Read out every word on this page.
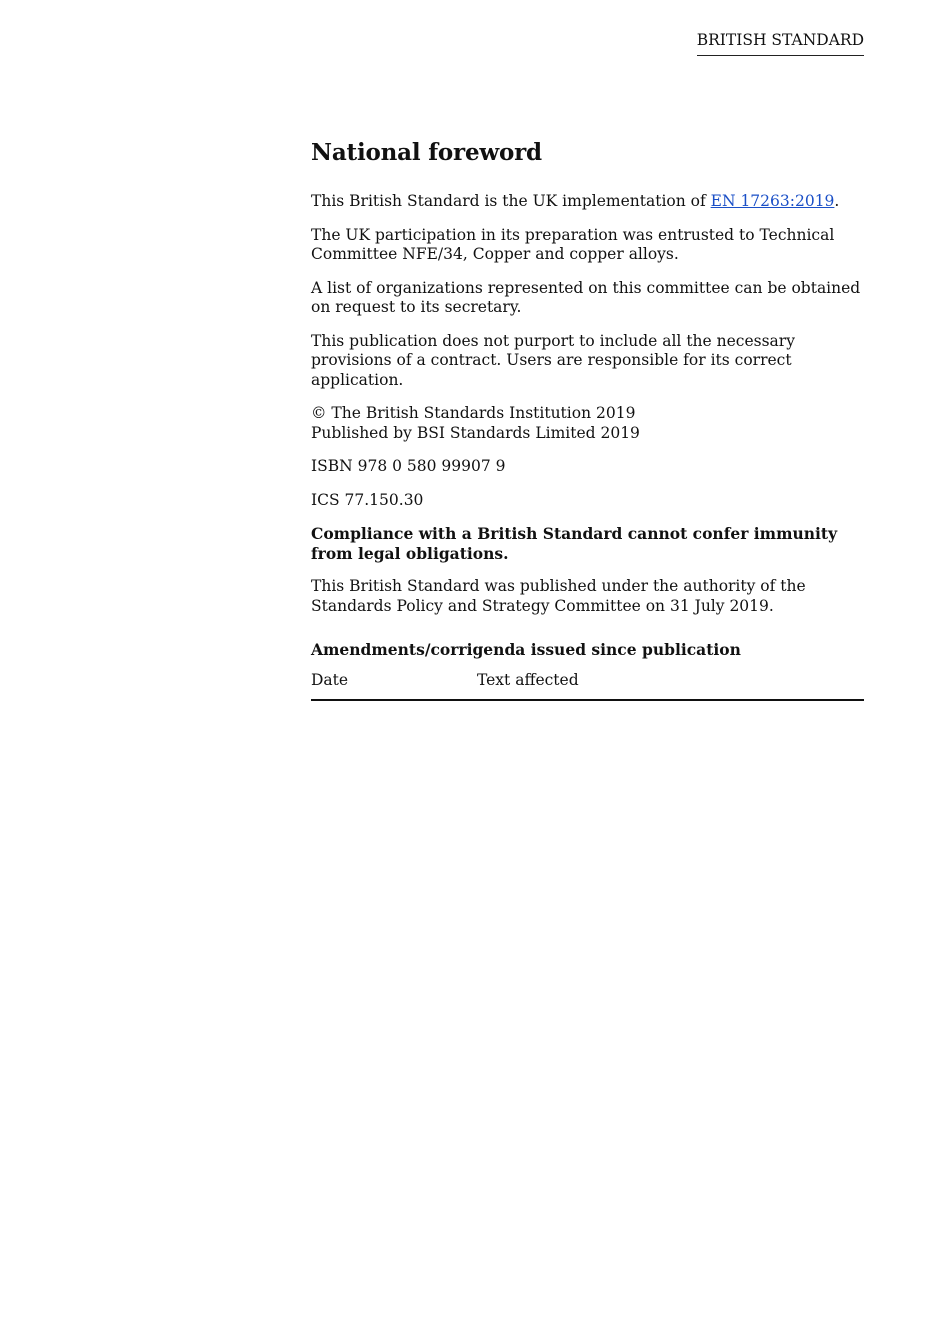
BRITISH STANDARD
National foreword

This British Standard is the UK implementation of EN 17263:2019.

The UK participation in its preparation was entrusted to Technical Committee NFE/34, Copper and copper alloys.

A list of organizations represented on this committee can be obtained on request to its secretary.

This publication does not purport to include all the necessary provisions of a contract. Users are responsible for its correct application.

© The British Standards Institution 2019
Published by BSI Standards Limited 2019

ISBN 978 0 580 99907 9

ICS 77.150.30

Compliance with a British Standard cannot confer immunity from legal obligations.

This British Standard was published under the authority of the Standards Policy and Strategy Committee on 31 July 2019.

Amendments/corrigenda issued since publication
Date	Text affected
